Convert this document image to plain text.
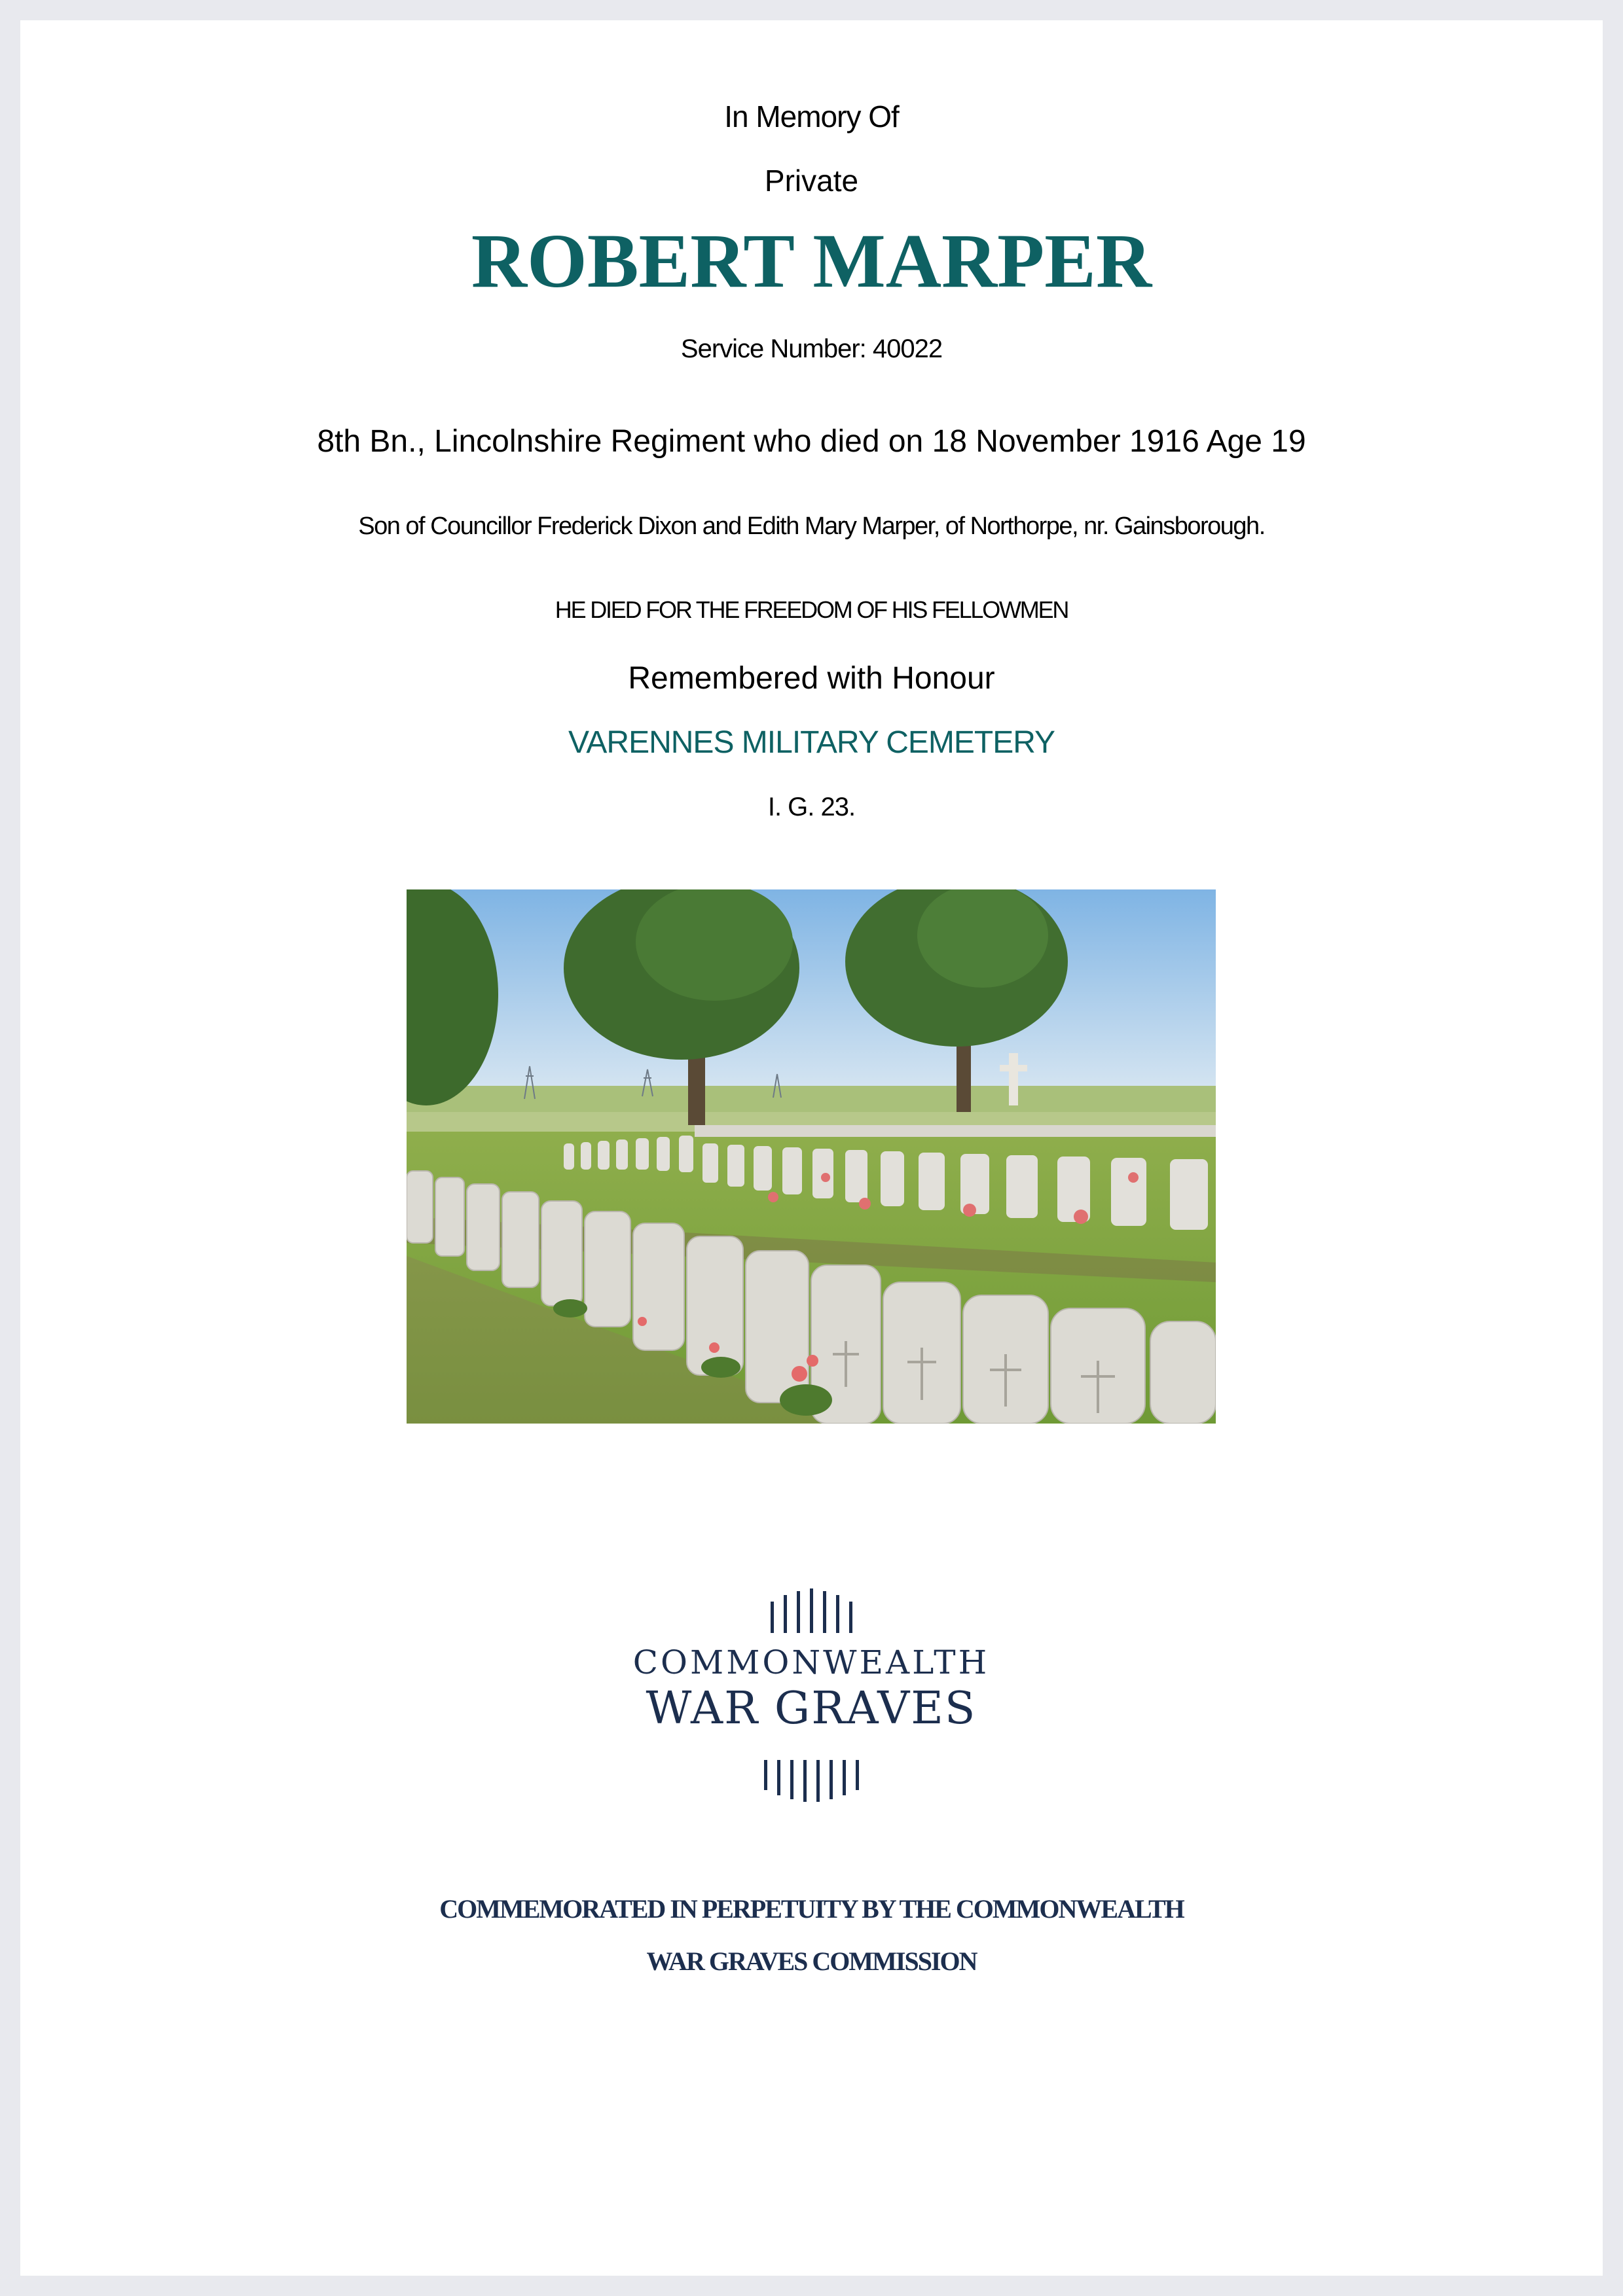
In Memory Of
Private
ROBERT MARPER
Service Number: 40022
8th Bn., Lincolnshire Regiment who died on 18 November 1916 Age 19
Son of Councillor Frederick Dixon and Edith Mary Marper, of Northorpe, nr. Gainsborough.
HE DIED FOR THE FREEDOM OF HIS FELLOWMEN
Remembered with Honour
VARENNES MILITARY CEMETERY
I. G. 23.
COMMONWEALTH
WAR GRAVES
COMMEMORATED IN PERPETUITY BY THE COMMONWEALTH
WAR GRAVES COMMISSION
